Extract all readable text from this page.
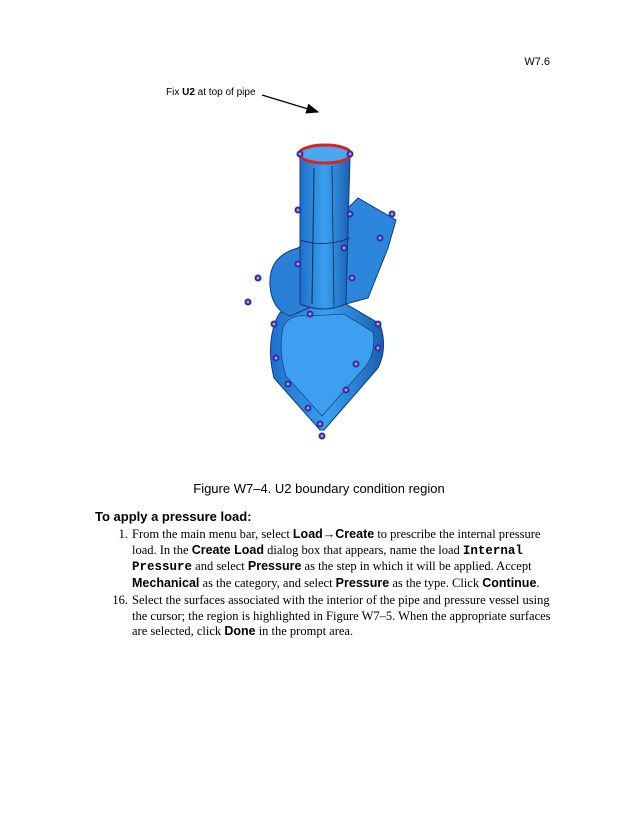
W7.6
Fix U2 at top of pipe
Figure W7–4. U2 boundary condition region
To apply a pressure load:
1. From the main menu bar, select Load→Create to prescribe the internal pressure load. In the Create Load dialog box that appears, name the load Internal Pressure and select Pressure as the step in which it will be applied. Accept Mechanical as the category, and select Pressure as the type. Click Continue.
16. Select the surfaces associated with the interior of the pipe and pressure vessel using the cursor; the region is highlighted in Figure W7–5. When the appropriate surfaces are selected, click Done in the prompt area.
